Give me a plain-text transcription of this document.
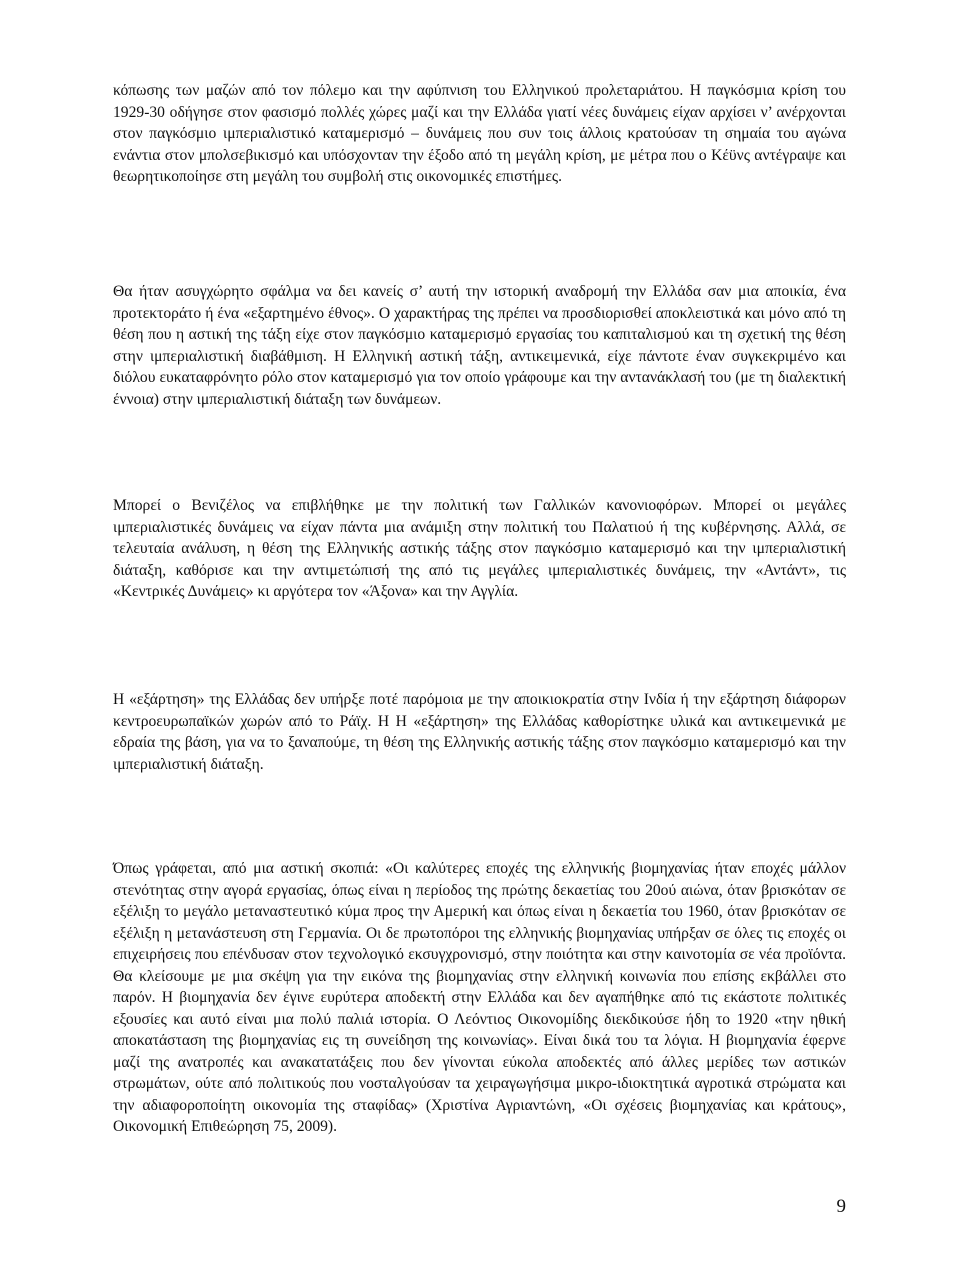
κόπωσης των μαζών από τον πόλεμο και την αφύπνιση του Ελληνικού προλεταριάτου. Η παγκόσμια κρίση του 1929-30 οδήγησε στον φασισμό πολλές χώρες μαζί και την Ελλάδα γιατί νέες δυνάμεις είχαν αρχίσει ν’ ανέρχονται στον παγκόσμιο ιμπεριαλιστικό καταμερισμό – δυνάμεις που συν τοις άλλοις κρατούσαν τη σημαία του αγώνα ενάντια στον μπολσεβικισμό και υπόσχονταν την έξοδο από τη μεγάλη κρίση, με μέτρα που ο Κέϋνς αντέγραψε και θεωρητικοποίησε στη μεγάλη του συμβολή στις οικονομικές επιστήμες.

Θα ήταν ασυγχώρητο σφάλμα να δει κανείς σ’ αυτή την ιστορική αναδρομή την Ελλάδα σαν μια αποικία, ένα προτεκτοράτο ή ένα «εξαρτημένο έθνος». Ο χαρακτήρας της πρέπει να προσδιορισθεί αποκλειστικά και μόνο από τη θέση που η αστική της τάξη είχε στον παγκόσμιο καταμερισμό εργασίας του καπιταλισμού και τη σχετική της θέση στην ιμπεριαλιστική διαβάθμιση. Η Ελληνική αστική τάξη, αντικειμενικά, είχε πάντοτε έναν συγκεκριμένο και διόλου ευκαταφρόνητο ρόλο στον καταμερισμό για τον οποίο γράφουμε και την αντανάκλασή του (με τη διαλεκτική έννοια) στην ιμπεριαλιστική διάταξη των δυνάμεων.

Μπορεί ο Βενιζέλος να επιβλήθηκε με την πολιτική των Γαλλικών κανονιοφόρων. Μπορεί οι μεγάλες ιμπεριαλιστικές δυνάμεις να είχαν πάντα μια ανάμιξη στην πολιτική του Παλατιού ή της κυβέρνησης. Αλλά, σε τελευταία ανάλυση, η θέση της Ελληνικής αστικής τάξης στον παγκόσμιο καταμερισμό και την ιμπεριαλιστική διάταξη, καθόρισε και την αντιμετώπισή της από τις μεγάλες ιμπεριαλιστικές δυνάμεις, την «Αντάντ», τις «Κεντρικές Δυνάμεις» κι αργότερα τον «Άξονα» και την Αγγλία.

Η «εξάρτηση» της Ελλάδας δεν υπήρξε ποτέ παρόμοια με την αποικιοκρατία στην Ινδία ή την εξάρτηση διάφορων κεντροευρωπαϊκών χωρών από το Ράϊχ. Η Η «εξάρτηση» της Ελλάδας καθορίστηκε υλικά και αντικειμενικά με εδραία της βάση, για να το ξαναπούμε, τη θέση της Ελληνικής αστικής τάξης στον παγκόσμιο καταμερισμό και την ιμπεριαλιστική διάταξη.

Όπως γράφεται, από μια αστική σκοπιά: «Οι καλύτερες εποχές της ελληνικής βιομηχανίας ήταν εποχές μάλλον στενότητας στην αγορά εργασίας, όπως είναι η περίοδος της πρώτης δεκαετίας του 20ού αιώνα, όταν βρισκόταν σε εξέλιξη το μεγάλο μεταναστευτικό κύμα προς την Αμερική και όπως είναι η δεκαετία του 1960, όταν βρισκόταν σε εξέλιξη η μετανάστευση στη Γερμανία. Οι δε πρωτοπόροι της ελληνικής βιομηχανίας υπήρξαν σε όλες τις εποχές οι επιχειρήσεις που επένδυσαν στον τεχνολογικό εκσυγχρονισμό, στην ποιότητα και στην καινοτομία σε νέα προϊόντα. Θα κλείσουμε με μια σκέψη για την εικόνα της βιομηχανίας στην ελληνική κοινωνία που επίσης εκβάλλει στο παρόν. Η βιομηχανία δεν έγινε ευρύτερα αποδεκτή στην Ελλάδα και δεν αγαπήθηκε από τις εκάστοτε πολιτικές εξουσίες και αυτό είναι μια πολύ παλιά ιστορία. Ο Λεόντιος Οικονομίδης διεκδικούσε ήδη το 1920 «την ηθική αποκατάσταση της βιομηχανίας εις τη συνείδηση της κοινωνίας». Είναι δικά του τα λόγια. Η βιομηχανία έφερνε μαζί της ανατροπές και ανακατατάξεις που δεν γίνονται εύκολα αποδεκτές από άλλες μερίδες των αστικών στρωμάτων, ούτε από πολιτικούς που νοσταλγούσαν τα χειραγωγήσιμα μικρο-ιδιοκτητικά αγροτικά στρώματα και την αδιαφοροποίητη οικονομία της σταφίδας» (Χριστίνα Αγριαντώνη, «Οι σχέσεις βιομηχανίας και κράτους», Οικονομική Επιθεώρηση 75, 2009).

9
